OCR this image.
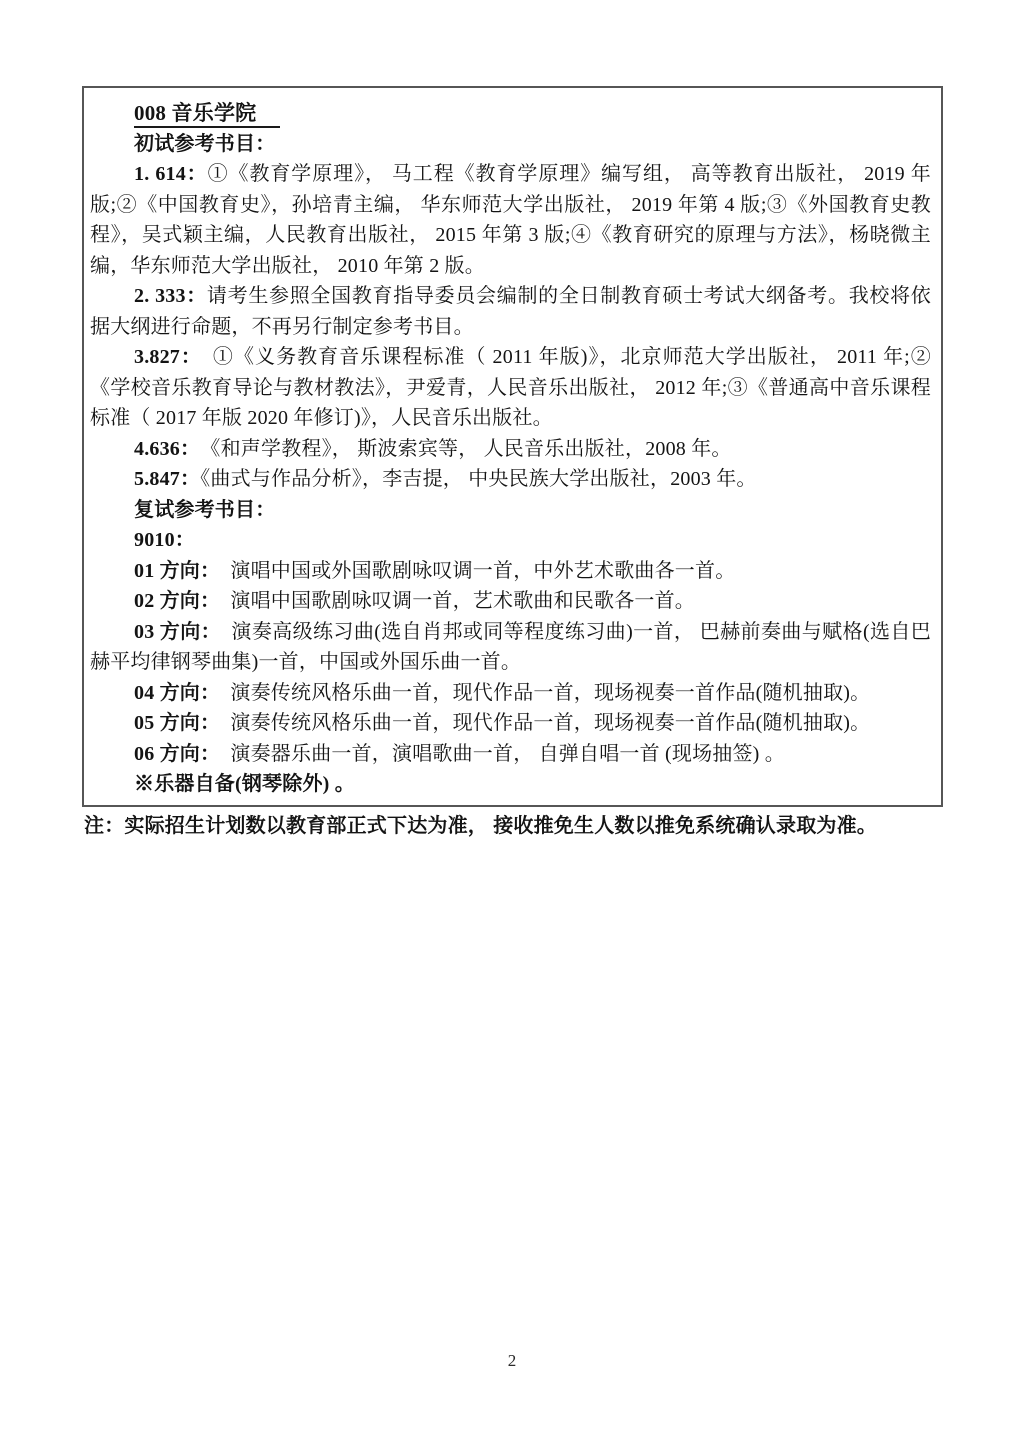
008 音乐学院

初试参考书目：

1. 614：①《教育学原理》， 马工程《教育学原理》编写组， 高等教育出版社， 2019 年版;②《中国教育史》，孙培青主编， 华东师范大学出版社， 2019 年第 4 版;③《外国教育史教程》，吴式颖主编，人民教育出版社， 2015 年第 3 版;④《教育研究的原理与方法》，杨晓微主编，华东师范大学出版社， 2010 年第 2 版。

2. 333：请考生参照全国教育指导委员会编制的全日制教育硕士考试大纲备考。我校将依据大纲进行命题，不再另行制定参考书目。

3.827：　①《义务教育音乐课程标准（ 2011 年版)》，北京师范大学出版社， 2011 年;②《学校音乐教育导论与教材教法》，尹爱青，人民音乐出版社， 2012 年;③《普通高中音乐课程标准（ 2017 年版 2020 年修订)》，人民音乐出版社。

4.636：　《和声学教程》， 斯波索宾等， 人民音乐出版社，2008 年。

5.847：《曲式与作品分析》，李吉提， 中央民族大学出版社，2003 年。

复试参考书目：

9010：

01 方向：　演唱中国或外国歌剧咏叹调一首，中外艺术歌曲各一首。

02 方向：　演唱中国歌剧咏叹调一首，艺术歌曲和民歌各一首。

03 方向：　演奏高级练习曲(选自肖邦或同等程度练习曲)一首， 巴赫前奏曲与赋格(选自巴赫平均律钢琴曲集)一首，中国或外国乐曲一首。

04 方向：　演奏传统风格乐曲一首，现代作品一首，现场视奏一首作品(随机抽取)。

05 方向：　演奏传统风格乐曲一首，现代作品一首，现场视奏一首作品(随机抽取)。

06 方向：　演奏器乐曲一首，演唱歌曲一首， 自弹自唱一首 (现场抽签) 。

※乐器自备(钢琴除外) 。

注：实际招生计划数以教育部正式下达为准， 接收推免生人数以推免系统确认录取为准。
2
